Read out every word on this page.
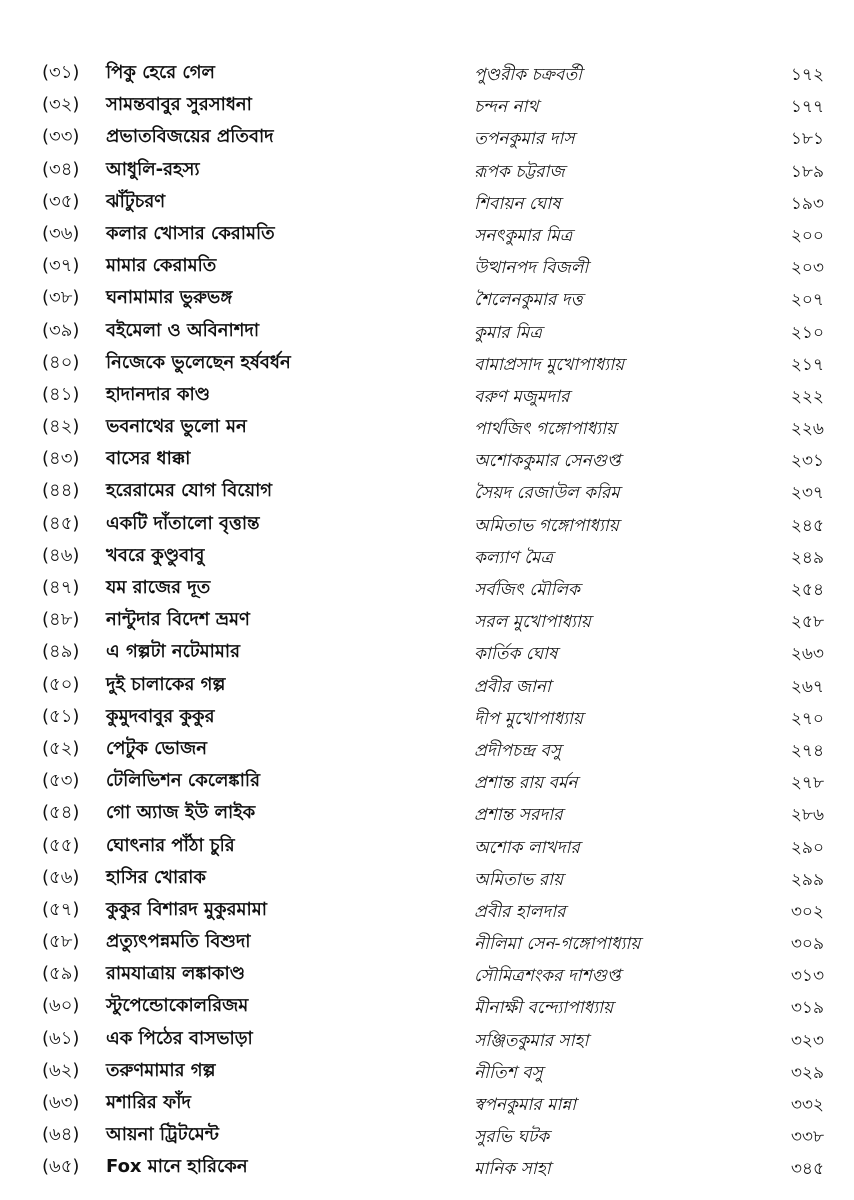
(৩১) পিকু হেরে গেল	পুণ্ডরীক চক্রবর্তী	১৭২
(৩২) সামন্তবাবুর সুরসাধনা	চন্দন নাথ	১৭৭
(৩৩) প্রভাতবিজয়ের প্রতিবাদ	তপনকুমার দাস	১৮১
(৩৪) আধুলি-রহস্য	রূপক চট্টরাজ	১৮৯
(৩৫) ঝাঁটুচরণ	শিবায়ন ঘোষ	১৯৩
(৩৬) কলার খোসার কেরামতি	সনৎকুমার মিত্র	২০০
(৩৭) মামার কেরামতি	উত্থানপদ বিজলী	২০৩
(৩৮) ঘনামামার ভুরুভঙ্গ	শৈলেনকুমার দত্ত	২০৭
(৩৯) বইমেলা ও অবিনাশদা	কুমার মিত্র	২১০
(৪০) নিজেকে ভুলেছেন হর্ষবর্ধন	বামাপ্রসাদ মুখোপাধ্যায়	২১৭
(৪১) হাদানদার কাণ্ড	বরুণ মজুমদার	২২২
(৪২) ভবনাথের ভুলো মন	পার্থজিৎ গঙ্গোপাধ্যায়	২২৬
(৪৩) বাসের ধাক্কা	অশোককুমার সেনগুপ্ত	২৩১
(৪৪) হরেরামের যোগ বিয়োগ	সৈয়দ রেজাউল করিম	২৩৭
(৪৫) একটি দাঁতালো বৃত্তান্ত	অমিতাভ গঙ্গোপাধ্যায়	২৪৫
(৪৬) খবরে কুণ্ডুবাবু	কল্যাণ মৈত্র	২৪৯
(৪৭) যম রাজের দূত	সর্বজিৎ মৌলিক	২৫৪
(৪৮) নান্টুদার বিদেশ ভ্রমণ	সরল মুখোপাধ্যায়	২৫৮
(৪৯) এ গল্পটা নটেমামার	কার্তিক ঘোষ	২৬৩
(৫০) দুই চালাকের গল্প	প্রবীর জানা	২৬৭
(৫১) কুমুদবাবুর কুকুর	দীপ মুখোপাধ্যায়	২৭০
(৫২) পেটুক ভোজন	প্রদীপচন্দ্র বসু	২৭৪
(৫৩) টেলিভিশন কেলেঙ্কারি	প্রশান্ত রায় বর্মন	২৭৮
(৫৪) গো অ্যাজ ইউ লাইক	প্রশান্ত সরদার	২৮৬
(৫৫) ঘোৎনার পাঁঠা চুরি	অশোক লাখদার	২৯০
(৫৬) হাসির খোরাক	অমিতাভ রায়	২৯৯
(৫৭) কুকুর বিশারদ মুকুরমামা	প্রবীর হালদার	৩০২
(৫৮) প্রত্যুৎপন্নমতি বিশুদা	নীলিমা সেন-গঙ্গোপাধ্যায়	৩০৯
(৫৯) রামযাত্রায় লঙ্কাকাণ্ড	সৌমিত্রশংকর দাশগুপ্ত	৩১৩
(৬০) স্টুপেন্ডোকোলরিজম	মীনাক্ষী বন্দ্যোপাধ্যায়	৩১৯
(৬১) এক পিঠের বাসভাড়া	সঞ্জিতকুমার সাহা	৩২৩
(৬২) তরুণমামার গল্প	নীতিশ বসু	৩২৯
(৬৩) মশারির ফাঁদ	স্বপনকুমার মান্না	৩৩২
(৬৪) আয়না ট্রিটমেন্ট	সুরভি ঘটক	৩৩৮
(৬৫) Fox মানে হারিকেন	মানিক সাহা	৩৪৫
